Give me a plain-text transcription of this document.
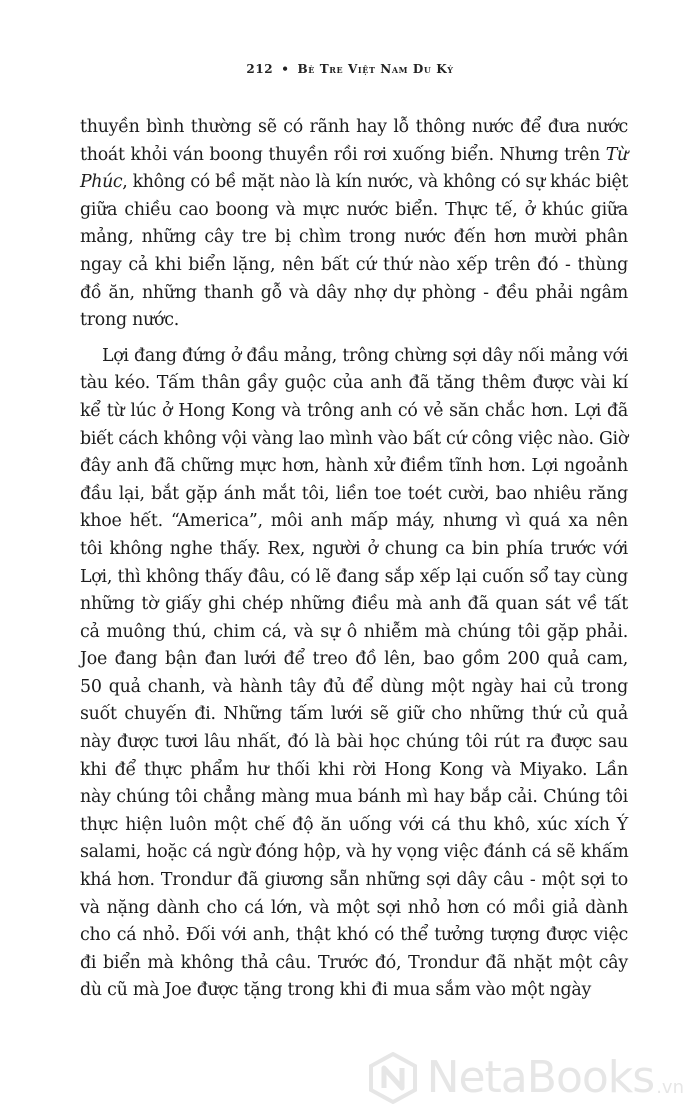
212 • Bè Tre Việt Nam Du Ký
thuyền bình thường sẽ có rãnh hay lỗ thông nước để đưa nước
thoát khỏi ván boong thuyền rồi rơi xuống biển. Nhưng trên Từ
Phúc, không có bề mặt nào là kín nước, và không có sự khác biệt
giữa chiều cao boong và mực nước biển. Thực tế, ở khúc giữa
mảng, những cây tre bị chìm trong nước đến hơn mười phân
ngay cả khi biển lặng, nên bất cứ thứ nào xếp trên đó - thùng
đồ ăn, những thanh gỗ và dây nhợ dự phòng - đều phải ngâm
trong nước.
Lợi đang đứng ở đầu mảng, trông chừng sợi dây nối mảng với
tàu kéo. Tấm thân gầy guộc của anh đã tăng thêm được vài kí
kể từ lúc ở Hong Kong và trông anh có vẻ săn chắc hơn. Lợi đã
biết cách không vội vàng lao mình vào bất cứ công việc nào. Giờ
đây anh đã chững mực hơn, hành xử điềm tĩnh hơn. Lợi ngoảnh
đầu lại, bắt gặp ánh mắt tôi, liền toe toét cười, bao nhiêu răng
khoe hết. “America”, môi anh mấp máy, nhưng vì quá xa nên
tôi không nghe thấy. Rex, người ở chung ca bin phía trước với
Lợi, thì không thấy đâu, có lẽ đang sắp xếp lại cuốn sổ tay cùng
những tờ giấy ghi chép những điều mà anh đã quan sát về tất
cả muông thú, chim cá, và sự ô nhiễm mà chúng tôi gặp phải.
Joe đang bận đan lưới để treo đồ lên, bao gồm 200 quả cam,
50 quả chanh, và hành tây đủ để dùng một ngày hai củ trong
suốt chuyến đi. Những tấm lưới sẽ giữ cho những thứ củ quả
này được tươi lâu nhất, đó là bài học chúng tôi rút ra được sau
khi để thực phẩm hư thối khi rời Hong Kong và Miyako. Lần
này chúng tôi chẳng màng mua bánh mì hay bắp cải. Chúng tôi
thực hiện luôn một chế độ ăn uống với cá thu khô, xúc xích Ý
salami, hoặc cá ngừ đóng hộp, và hy vọng việc đánh cá sẽ khấm
khá hơn. Trondur đã giương sẵn những sợi dây câu - một sợi to
và nặng dành cho cá lớn, và một sợi nhỏ hơn có mồi giả dành
cho cá nhỏ. Đối với anh, thật khó có thể tưởng tượng được việc
đi biển mà không thả câu. Trước đó, Trondur đã nhặt một cây
dù cũ mà Joe được tặng trong khi đi mua sắm vào một ngày
NetaBooks .vn
